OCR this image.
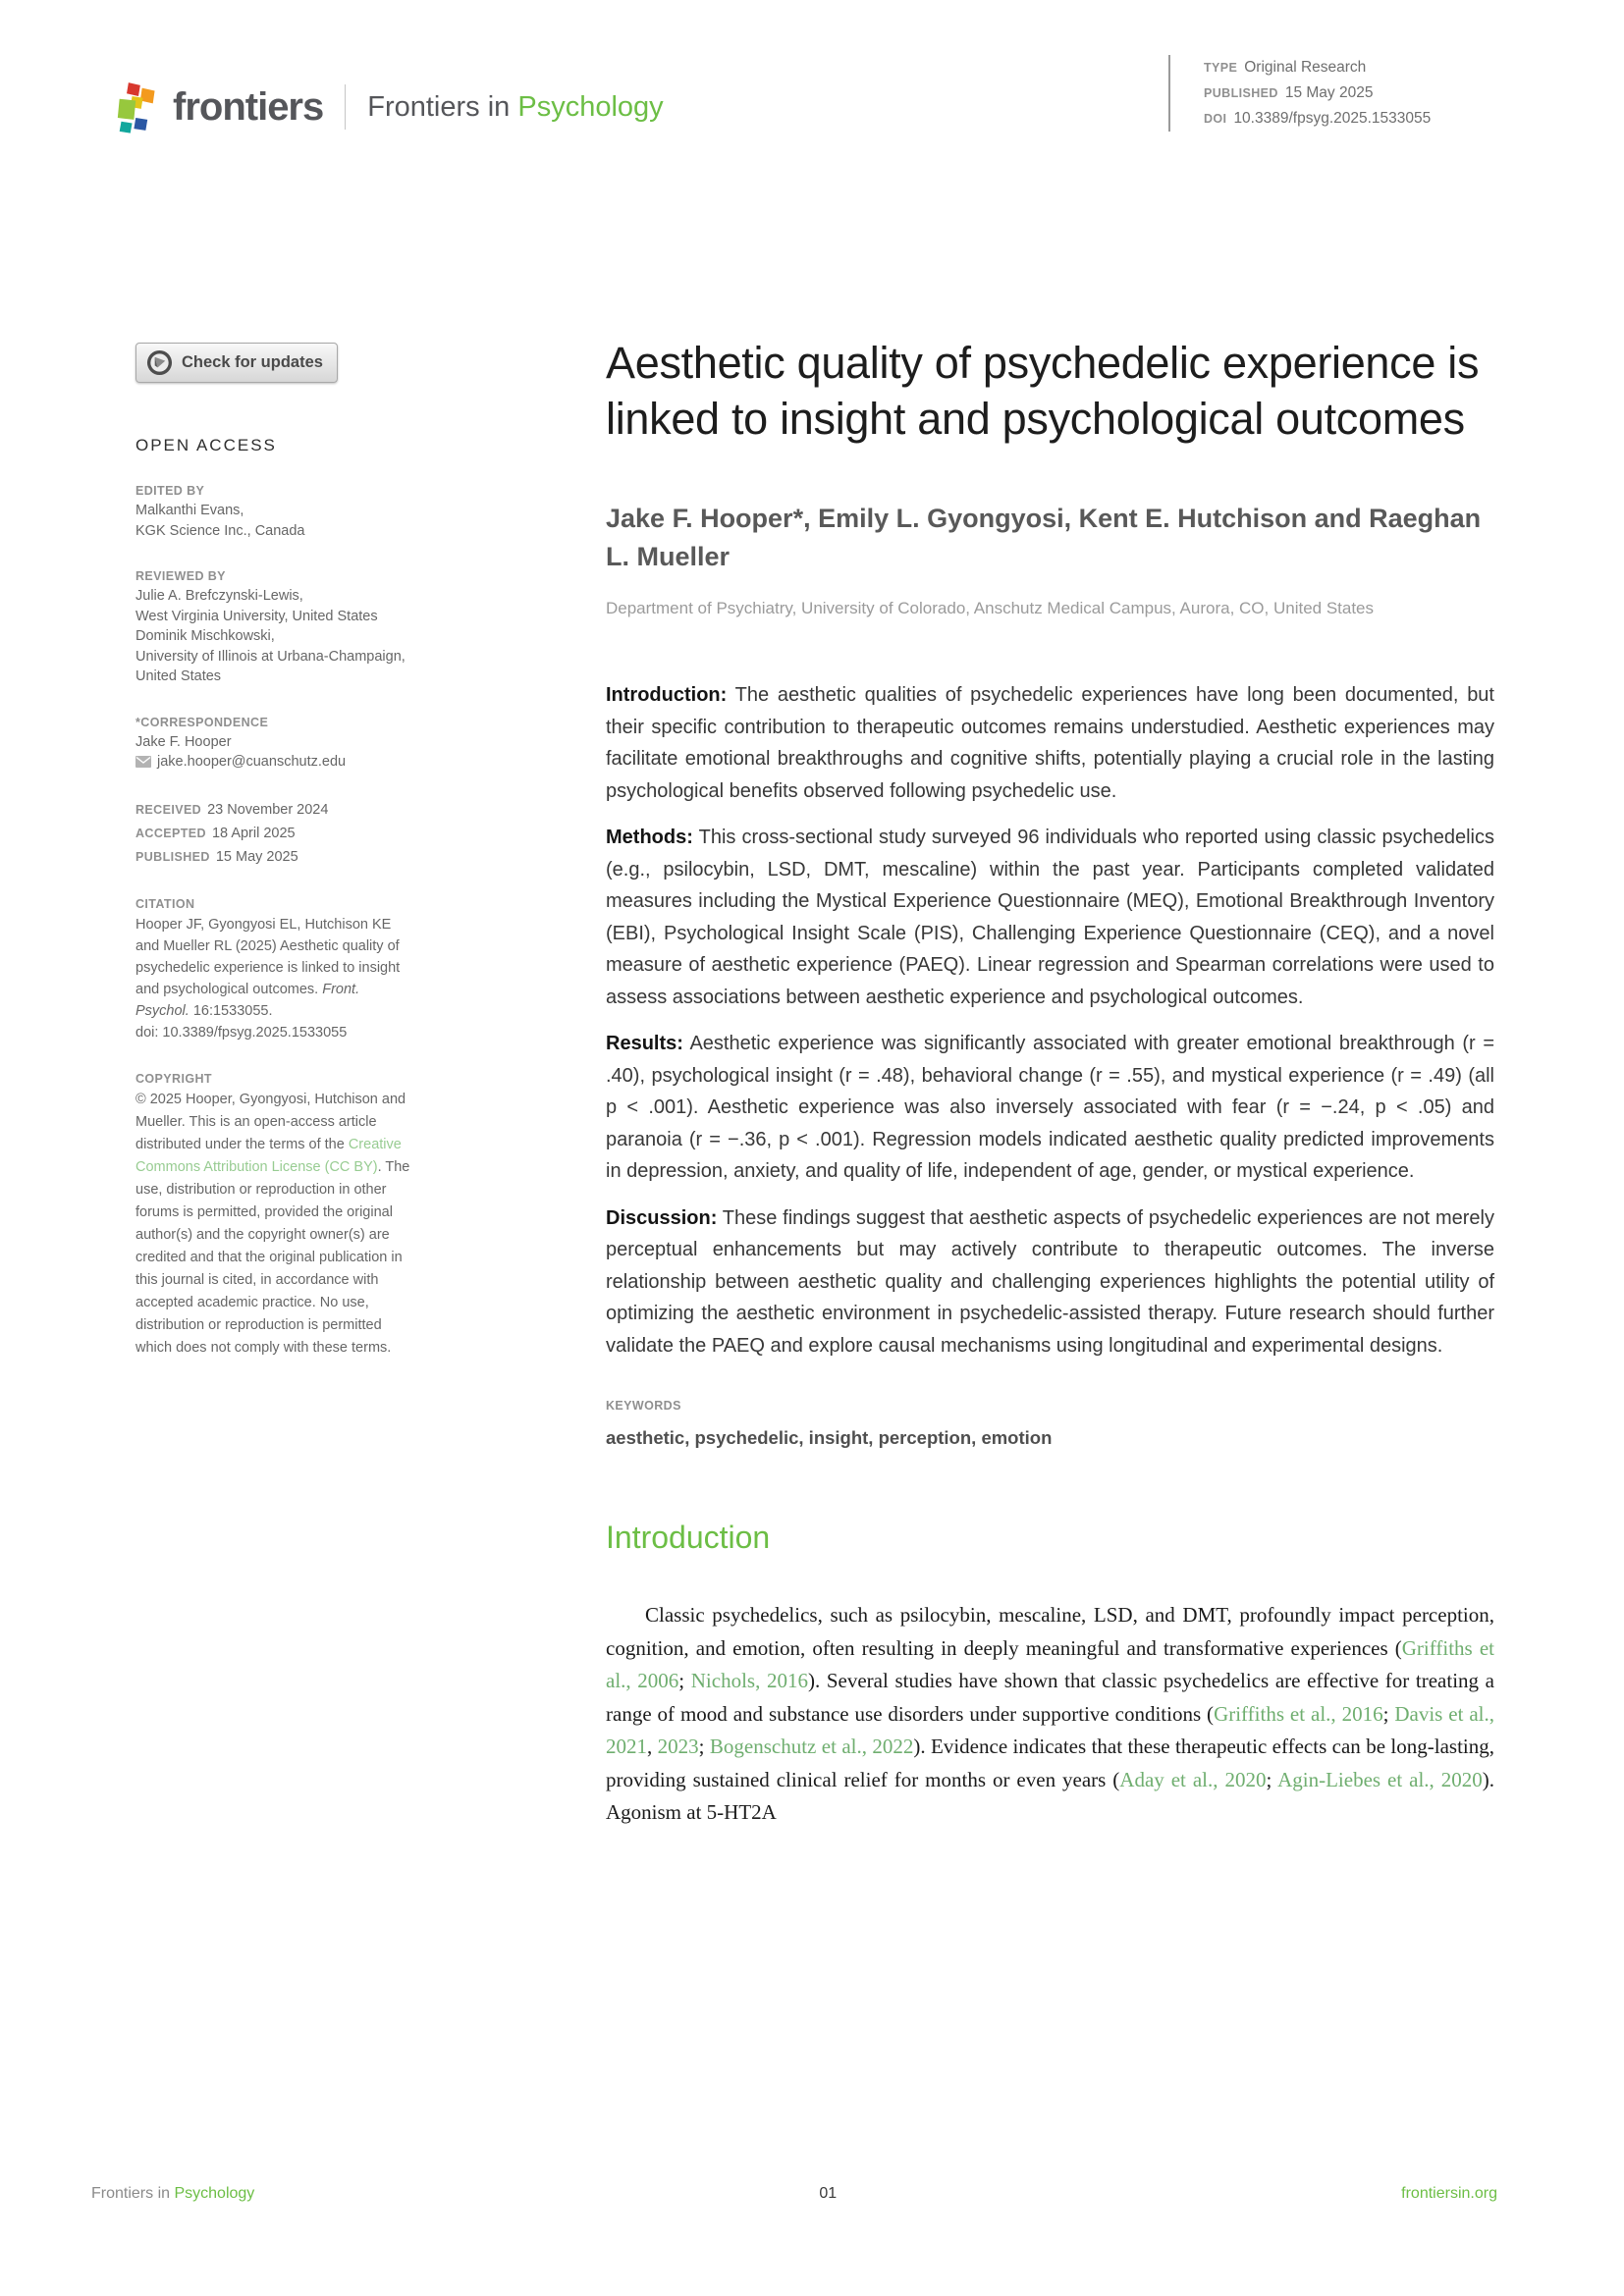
frontiers Frontiers in Psychology
TYPE Original Research
PUBLISHED 15 May 2025
DOI 10.3389/fpsyg.2025.1533055
Check for updates
OPEN ACCESS
EDITED BY
Malkanthi Evans,
KGK Science Inc., Canada
REVIEWED BY
Julie A. Brefczynski-Lewis,
West Virginia University, United States
Dominik Mischkowski,
University of Illinois at Urbana-Champaign,
United States
*CORRESPONDENCE
Jake F. Hooper
jake.hooper@cuanschutz.edu
RECEIVED 23 November 2024
ACCEPTED 18 April 2025
PUBLISHED 15 May 2025
CITATION
Hooper JF, Gyongyosi EL, Hutchison KE and Mueller RL (2025) Aesthetic quality of psychedelic experience is linked to insight and psychological outcomes. Front. Psychol. 16:1533055.
doi: 10.3389/fpsyg.2025.1533055
COPYRIGHT
© 2025 Hooper, Gyongyosi, Hutchison and Mueller. This is an open-access article distributed under the terms of the Creative Commons Attribution License (CC BY). The use, distribution or reproduction in other forums is permitted, provided the original author(s) and the copyright owner(s) are credited and that the original publication in this journal is cited, in accordance with accepted academic practice. No use, distribution or reproduction is permitted which does not comply with these terms.
Aesthetic quality of psychedelic experience is linked to insight and psychological outcomes
Jake F. Hooper*, Emily L. Gyongyosi, Kent E. Hutchison and Raeghan L. Mueller
Department of Psychiatry, University of Colorado, Anschutz Medical Campus, Aurora, CO, United States

Introduction: The aesthetic qualities of psychedelic experiences have long been documented, but their specific contribution to therapeutic outcomes remains understudied. Aesthetic experiences may facilitate emotional breakthroughs and cognitive shifts, potentially playing a crucial role in the lasting psychological benefits observed following psychedelic use.

Methods: This cross-sectional study surveyed 96 individuals who reported using classic psychedelics (e.g., psilocybin, LSD, DMT, mescaline) within the past year. Participants completed validated measures including the Mystical Experience Questionnaire (MEQ), Emotional Breakthrough Inventory (EBI), Psychological Insight Scale (PIS), Challenging Experience Questionnaire (CEQ), and a novel measure of aesthetic experience (PAEQ). Linear regression and Spearman correlations were used to assess associations between aesthetic experience and psychological outcomes.

Results: Aesthetic experience was significantly associated with greater emotional breakthrough (r = .40), psychological insight (r = .48), behavioral change (r = .55), and mystical experience (r = .49) (all p < .001). Aesthetic experience was also inversely associated with fear (r = −.24, p < .05) and paranoia (r = −.36, p < .001). Regression models indicated aesthetic quality predicted improvements in depression, anxiety, and quality of life, independent of age, gender, or mystical experience.

Discussion: These findings suggest that aesthetic aspects of psychedelic experiences are not merely perceptual enhancements but may actively contribute to therapeutic outcomes. The inverse relationship between aesthetic quality and challenging experiences highlights the potential utility of optimizing the aesthetic environment in psychedelic-assisted therapy. Future research should further validate the PAEQ and explore causal mechanisms using longitudinal and experimental designs.

KEYWORDS
aesthetic, psychedelic, insight, perception, emotion
Introduction

Classic psychedelics, such as psilocybin, mescaline, LSD, and DMT, profoundly impact perception, cognition, and emotion, often resulting in deeply meaningful and transformative experiences (Griffiths et al., 2006; Nichols, 2016). Several studies have shown that classic psychedelics are effective for treating a range of mood and substance use disorders under supportive conditions (Griffiths et al., 2016; Davis et al., 2021, 2023; Bogenschutz et al., 2022). Evidence indicates that these therapeutic effects can be long-lasting, providing sustained clinical relief for months or even years (Aday et al., 2020; Agin-Liebes et al., 2020). Agonism at 5-HT2A

Frontiers in Psychology	01	frontiersin.org
